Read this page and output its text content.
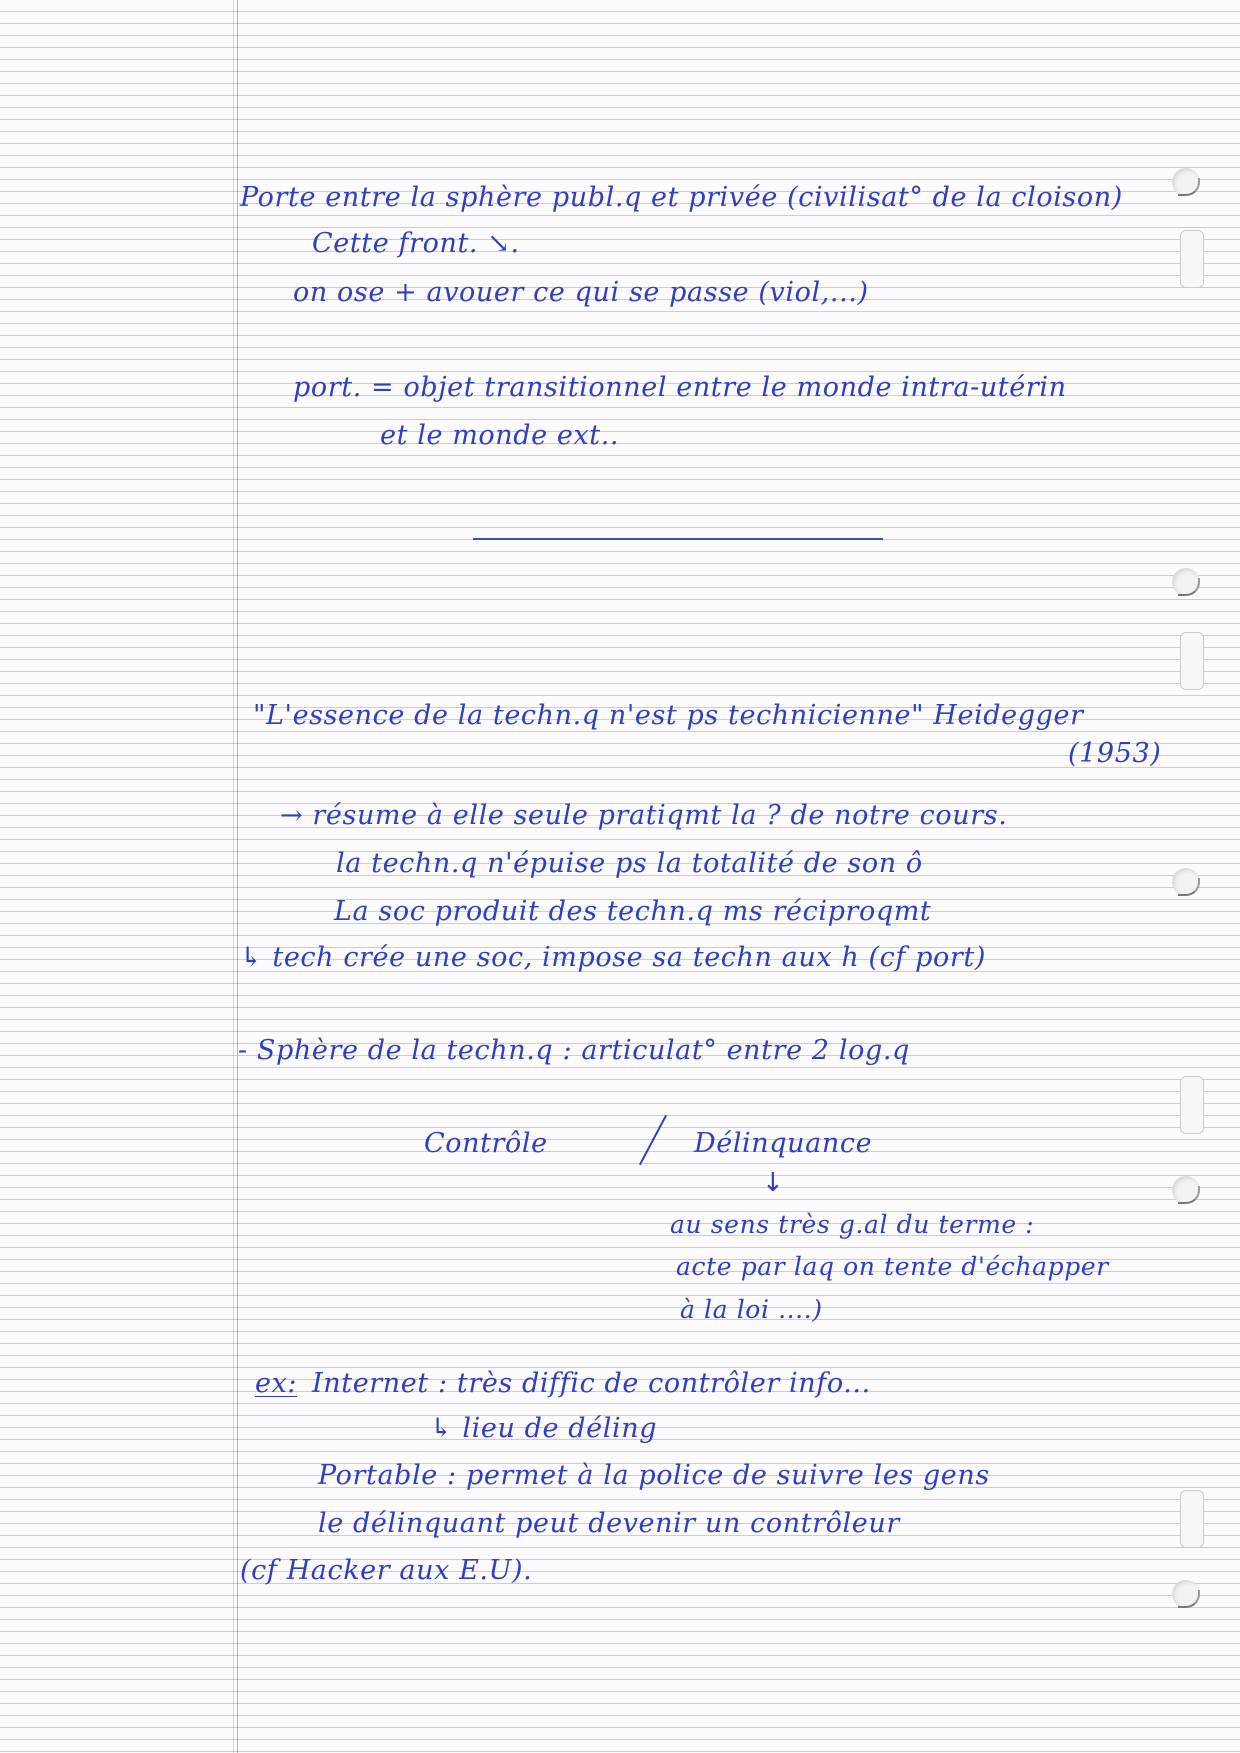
Porte entre la sphère publ.q et privée (civilisat° de la cloison)

Cette front. ↘.

on ose + avouer ce qui se passe (viol,...)

port. = objet transitionnel entre le monde intra-utérin

et le monde ext..

"L'essence de la techn.q n'est ps technicienne" Heidegger

(1953)

→ résume à elle seule pratiqmt la ? de notre cours.

la techn.q n'épuise ps la totalité de son ô

La soc produit des techn.q ms réciproqmt

↳ tech crée une soc, impose sa techn aux h (cf port)

- Sphère de la techn.q : articulat° entre 2 log.q

Contrôle	Délinquance

↓

au sens très g.al du terme :

acte par laq on tente d'échapper

à la loi ....)

ex: Internet : très diffic de contrôler info...

↳ lieu de déling

Portable : permet à la police de suivre les gens

le délinquant peut devenir un contrôleur

(cf Hacker aux E.U).
